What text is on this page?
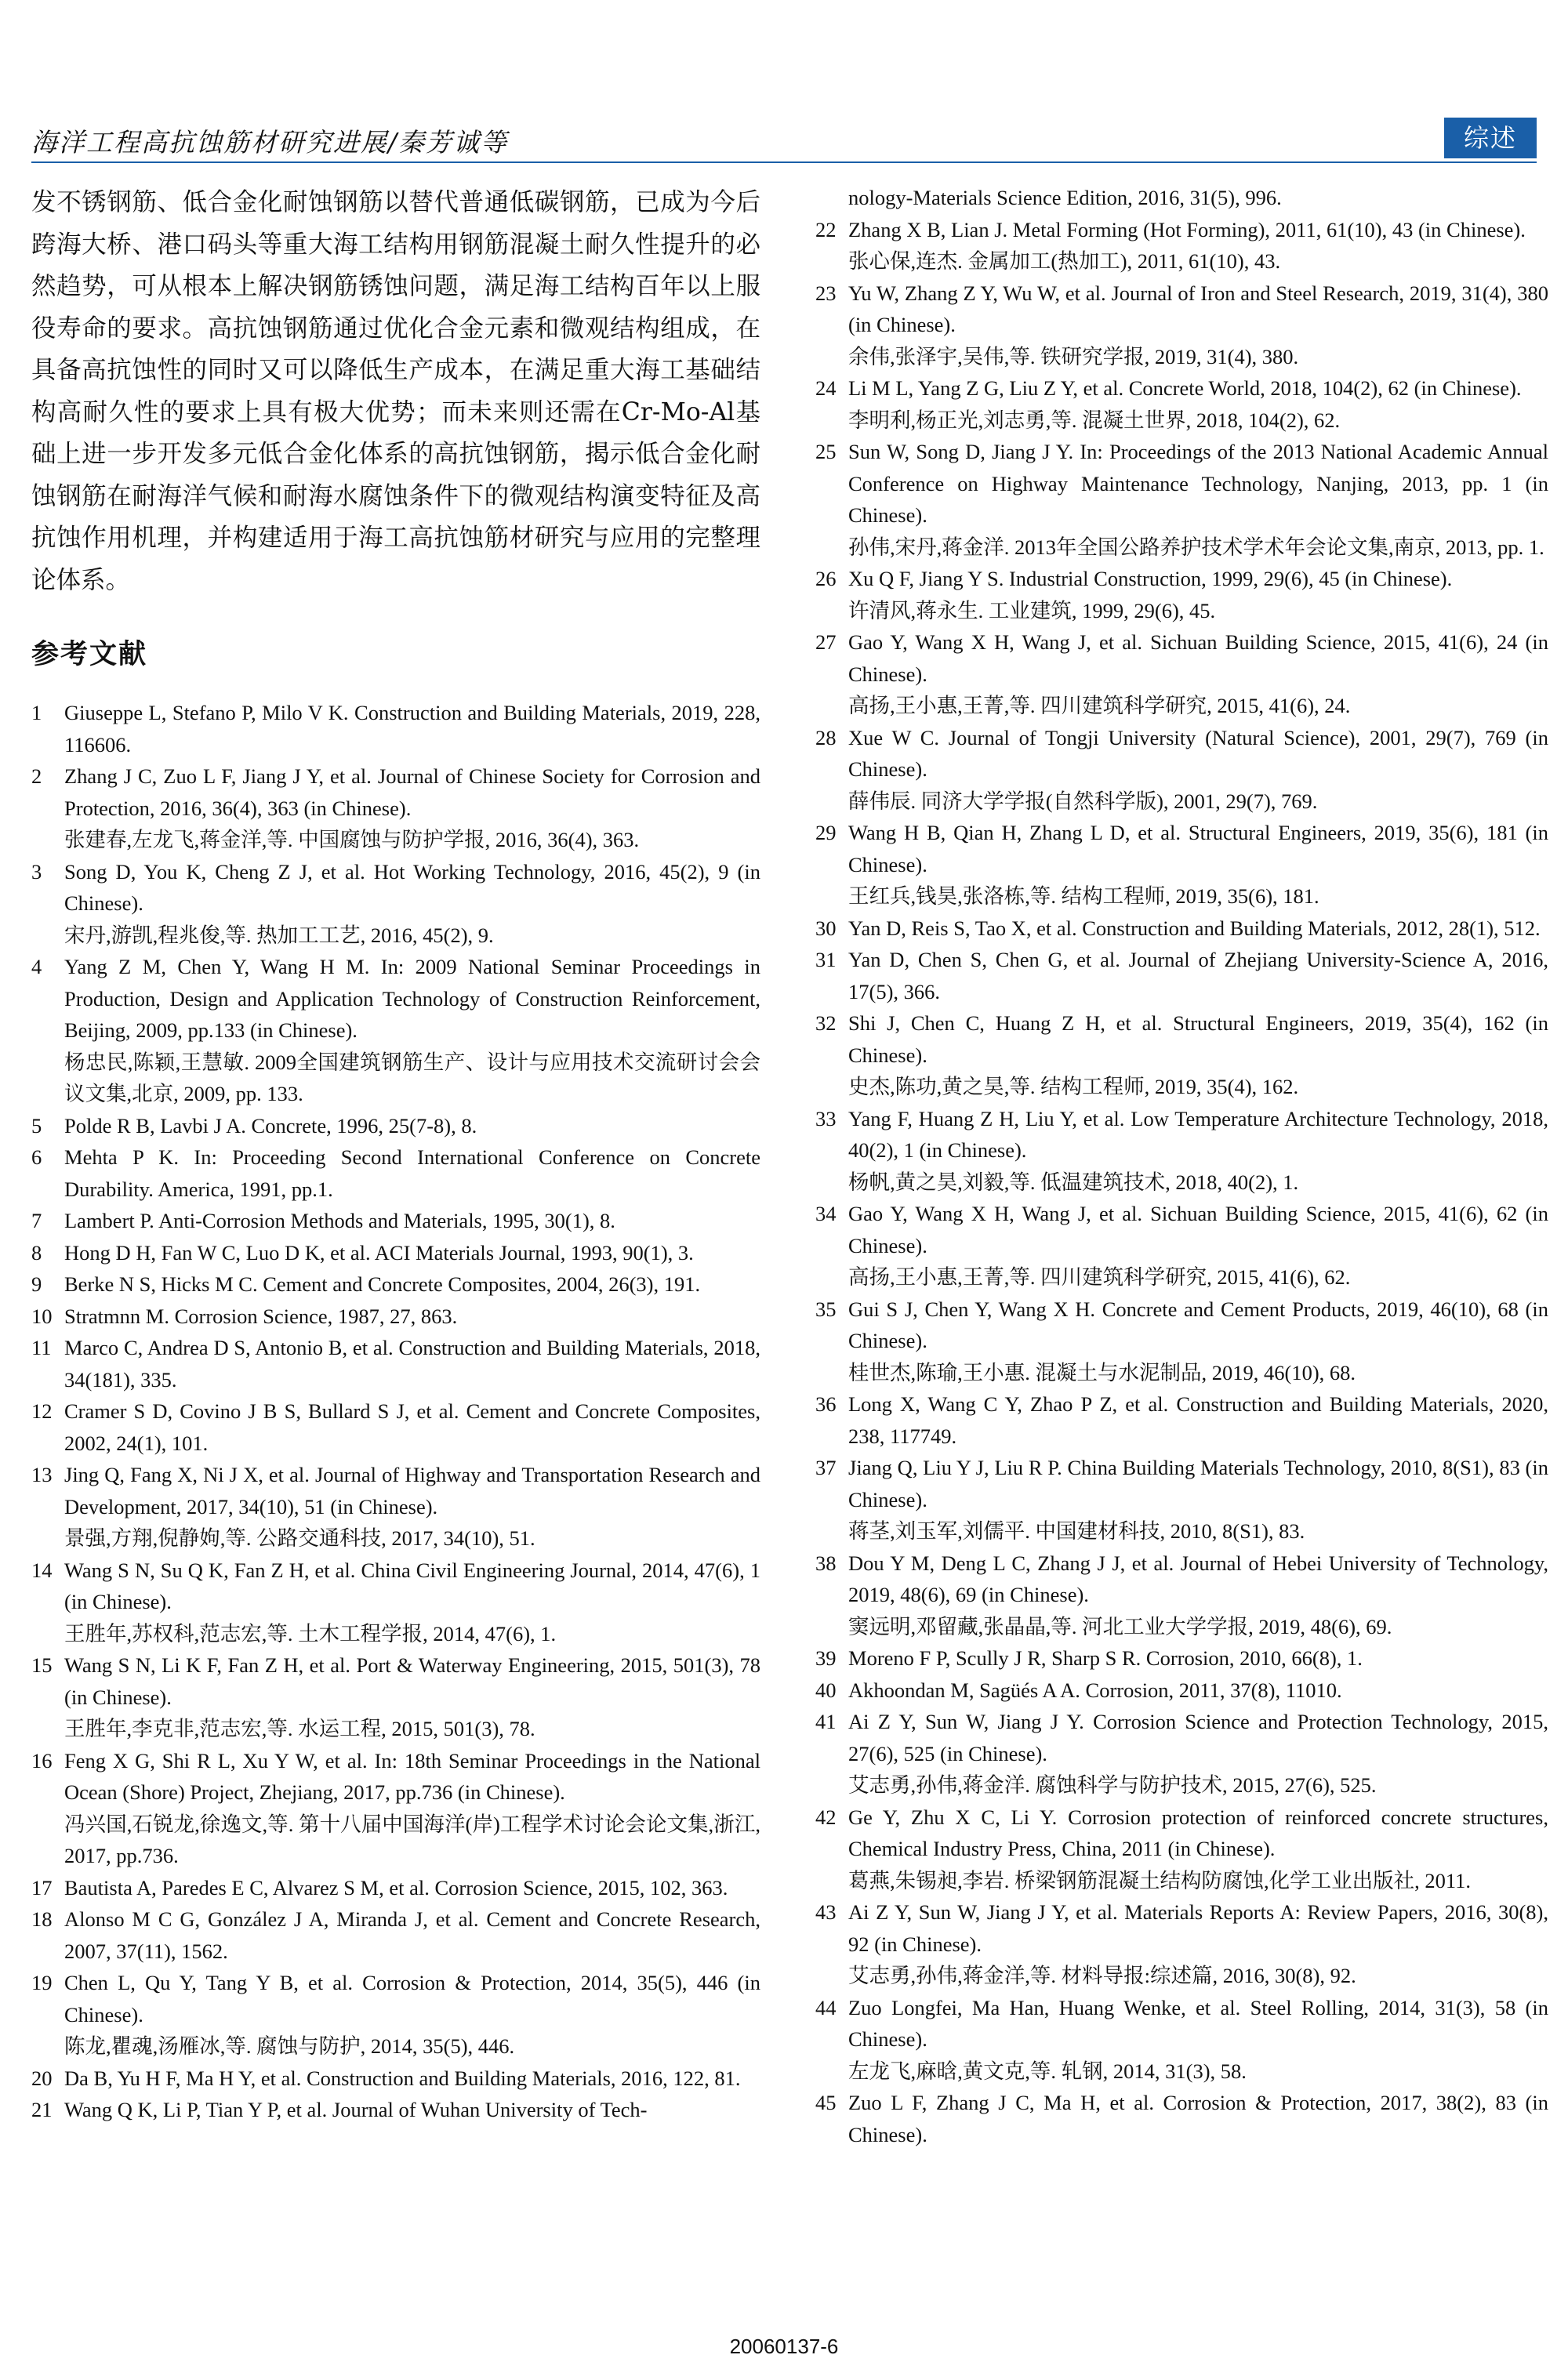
海洋工程高抗蚀筋材研究进展/秦芳诚等	综述

发不锈钢筋、低合金化耐蚀钢筋以替代普通低碳钢筋，已成为今后跨海大桥、港口码头等重大海工结构用钢筋混凝土耐久性提升的必然趋势，可从根本上解决钢筋锈蚀问题，满足海工结构百年以上服役寿命的要求。高抗蚀钢筋通过优化合金元素和微观结构组成，在具备高抗蚀性的同时又可以降低生产成本，在满足重大海工基础结构高耐久性的要求上具有极大优势；而未来则还需在Cr-Mo-Al基础上进一步开发多元低合金化体系的高抗蚀钢筋，揭示低合金化耐蚀钢筋在耐海洋气候和耐海水腐蚀条件下的微观结构演变特征及高抗蚀作用机理，并构建适用于海工高抗蚀筋材研究与应用的完整理论体系。

参考文献
1	Giuseppe L, Stefano P, Milo V K. Construction and Building Materials, 2019, 228, 116606.
2	Zhang J C, Zuo L F, Jiang J Y, et al. Journal of Chinese Society for Corrosion and Protection, 2016, 36(4), 363 (in Chinese).
张建春,左龙飞,蒋金洋,等. 中国腐蚀与防护学报, 2016, 36(4), 363.
3	Song D, You K, Cheng Z J, et al. Hot Working Technology, 2016, 45(2), 9 (in Chinese).
宋丹,游凯,程兆俊,等. 热加工工艺, 2016, 45(2), 9.
4	Yang Z M, Chen Y, Wang H M. In: 2009 National Seminar Proceedings in Production, Design and Application Technology of Construction Reinforcement, Beijing, 2009, pp.133 (in Chinese).
杨忠民,陈颖,王慧敏. 2009全国建筑钢筋生产、设计与应用技术交流研讨会会议文集,北京, 2009, pp. 133.
5	Polde R B, Lavbi J A. Concrete, 1996, 25(7-8), 8.
6	Mehta P K. In: Proceeding Second International Conference on Concrete Durability. America, 1991, pp.1.
7	Lambert P. Anti-Corrosion Methods and Materials, 1995, 30(1), 8.
8	Hong D H, Fan W C, Luo D K, et al. ACI Materials Journal, 1993, 90(1), 3.
9	Berke N S, Hicks M C. Cement and Concrete Composites, 2004, 26(3), 191.
10 Stratmnn M. Corrosion Science, 1987, 27, 863.
11 Marco C, Andrea D S, Antonio B, et al. Construction and Building Materials, 2018, 34(181), 335.
12 Cramer S D, Covino J B S, Bullard S J, et al. Cement and Concrete Composites, 2002, 24(1), 101.
13 Jing Q, Fang X, Ni J X, et al. Journal of Highway and Transportation Research and Development, 2017, 34(10), 51 (in Chinese).
景强,方翔,倪静姁,等. 公路交通科技, 2017, 34(10), 51.
14 Wang S N, Su Q K, Fan Z H, et al. China Civil Engineering Journal, 2014, 47(6), 1 (in Chinese).
王胜年,苏权科,范志宏,等. 土木工程学报, 2014, 47(6), 1.
15 Wang S N, Li K F, Fan Z H, et al. Port & Waterway Engineering, 2015, 501(3), 78 (in Chinese).
王胜年,李克非,范志宏,等. 水运工程, 2015, 501(3), 78.
16 Feng X G, Shi R L, Xu Y W, et al. In: 18th Seminar Proceedings in the National Ocean (Shore) Project, Zhejiang, 2017, pp.736 (in Chinese).
冯兴国,石锐龙,徐逸文,等. 第十八届中国海洋(岸)工程学术讨论会论文集,浙江, 2017, pp.736.
17 Bautista A, Paredes E C, Alvarez S M, et al. Corrosion Science, 2015, 102, 363.
18 Alonso M C G, González J A, Miranda J, et al. Cement and Concrete Research, 2007, 37(11), 1562.
19 Chen L, Qu Y, Tang Y B, et al. Corrosion & Protection, 2014, 35(5), 446 (in Chinese).
陈龙,瞿魂,汤雁冰,等. 腐蚀与防护, 2014, 35(5), 446.
20 Da B, Yu H F, Ma H Y, et al. Construction and Building Materials, 2016, 122, 81.
21 Wang Q K, Li P, Tian Y P, et al. Journal of Wuhan University of Tech-
nology-Materials Science Edition, 2016, 31(5), 996.
22 Zhang X B, Lian J. Metal Forming (Hot Forming), 2011, 61(10), 43 (in Chinese).
张心保,连杰. 金属加工(热加工), 2011, 61(10), 43.
23 Yu W, Zhang Z Y, Wu W, et al. Journal of Iron and Steel Research, 2019, 31(4), 380 (in Chinese).
余伟,张泽宇,吴伟,等. 铁研究学报, 2019, 31(4), 380.
24 Li M L, Yang Z G, Liu Z Y, et al. Concrete World, 2018, 104(2), 62 (in Chinese).
李明利,杨正光,刘志勇,等. 混凝土世界, 2018, 104(2), 62.
25 Sun W, Song D, Jiang J Y. In: Proceedings of the 2013 National Academic Annual Conference on Highway Maintenance Technology, Nanjing, 2013, pp. 1 (in Chinese).
孙伟,宋丹,蒋金洋. 2013年全国公路养护技术学术年会论文集,南京, 2013, pp. 1.
26 Xu Q F, Jiang Y S. Industrial Construction, 1999, 29(6), 45 (in Chinese).
许清风,蒋永生. 工业建筑, 1999, 29(6), 45.
27 Gao Y, Wang X H, Wang J, et al. Sichuan Building Science, 2015, 41(6), 24 (in Chinese).
高扬,王小惠,王菁,等. 四川建筑科学研究, 2015, 41(6), 24.
28 Xue W C. Journal of Tongji University (Natural Science), 2001, 29(7), 769 (in Chinese).
薛伟辰. 同济大学学报(自然科学版), 2001, 29(7), 769.
29 Wang H B, Qian H, Zhang L D, et al. Structural Engineers, 2019, 35(6), 181 (in Chinese).
王红兵,钱昊,张洛栋,等. 结构工程师, 2019, 35(6), 181.
30 Yan D, Reis S, Tao X, et al. Construction and Building Materials, 2012, 28(1), 512.
31 Yan D, Chen S, Chen G, et al. Journal of Zhejiang University-Science A, 2016, 17(5), 366.
32 Shi J, Chen C, Huang Z H, et al. Structural Engineers, 2019, 35(4), 162 (in Chinese).
史杰,陈功,黄之昊,等. 结构工程师, 2019, 35(4), 162.
33 Yang F, Huang Z H, Liu Y, et al. Low Temperature Architecture Technology, 2018, 40(2), 1 (in Chinese).
杨帆,黄之昊,刘毅,等. 低温建筑技术, 2018, 40(2), 1.
34 Gao Y, Wang X H, Wang J, et al. Sichuan Building Science, 2015, 41(6), 62 (in Chinese).
高扬,王小惠,王菁,等. 四川建筑科学研究, 2015, 41(6), 62.
35 Gui S J, Chen Y, Wang X H. Concrete and Cement Products, 2019, 46(10), 68 (in Chinese).
桂世杰,陈瑜,王小惠. 混凝土与水泥制品, 2019, 46(10), 68.
36 Long X, Wang C Y, Zhao P Z, et al. Construction and Building Materials, 2020, 238, 117749.
37 Jiang Q, Liu Y J, Liu R P. China Building Materials Technology, 2010, 8(S1), 83 (in Chinese).
蒋茎,刘玉军,刘儒平. 中国建材科技, 2010, 8(S1), 83.
38 Dou Y M, Deng L C, Zhang J J, et al. Journal of Hebei University of Technology, 2019, 48(6), 69 (in Chinese).
窦远明,邓留藏,张晶晶,等. 河北工业大学学报, 2019, 48(6), 69.
39 Moreno F P, Scully J R, Sharp S R. Corrosion, 2010, 66(8), 1.
40 Akhoondan M, Sagüés A A. Corrosion, 2011, 37(8), 11010.
41 Ai Z Y, Sun W, Jiang J Y. Corrosion Science and Protection Technology, 2015, 27(6), 525 (in Chinese).
艾志勇,孙伟,蒋金洋. 腐蚀科学与防护技术, 2015, 27(6), 525.
42 Ge Y, Zhu X C, Li Y. Corrosion protection of reinforced concrete structures, Chemical Industry Press, China, 2011 (in Chinese).
葛燕,朱锡昶,李岩. 桥梁钢筋混凝土结构防腐蚀,化学工业出版社, 2011.
43 Ai Z Y, Sun W, Jiang J Y, et al. Materials Reports A: Review Papers, 2016, 30(8), 92 (in Chinese).
艾志勇,孙伟,蒋金洋,等. 材料导报:综述篇, 2016, 30(8), 92.
44 Zuo Longfei, Ma Han, Huang Wenke, et al. Steel Rolling, 2014, 31(3), 58 (in Chinese).
左龙飞,麻晗,黄文克,等. 轧钢, 2014, 31(3), 58.
45 Zuo L F, Zhang J C, Ma H, et al. Corrosion & Protection, 2017, 38(2), 83 (in Chinese).
20060137-6
